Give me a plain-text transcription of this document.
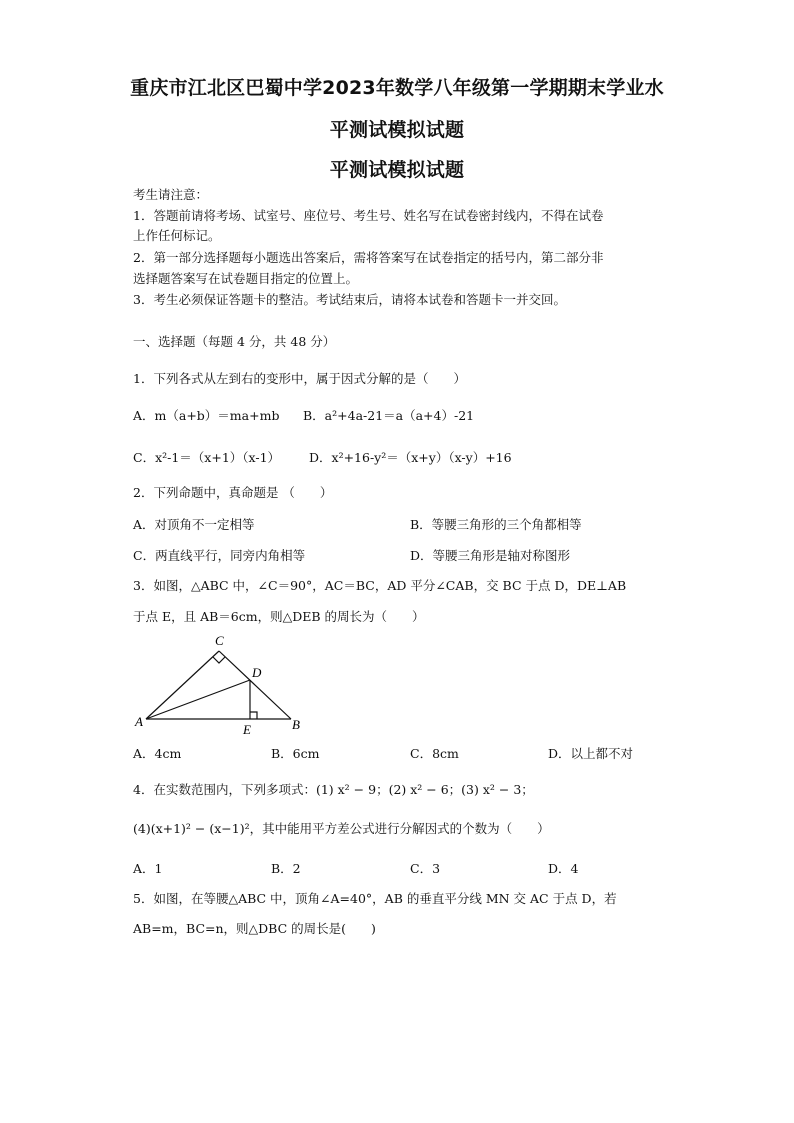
重庆市江北区巴蜀中学2023年数学八年级第一学期期末学业水
平测试模拟试题
平测试模拟试题
考生请注意：
1．答题前请将考场、试室号、座位号、考生号、姓名写在试卷密封线内，不得在试卷
上作任何标记。
2．第一部分选择题每小题选出答案后，需将答案写在试卷指定的括号内，第二部分非
选择题答案写在试卷题目指定的位置上。
3．考生必须保证答题卡的整洁。考试结束后，请将本试卷和答题卡一并交回。
一、选择题（每题 4 分，共 48 分）
1．下列各式从左到右的变形中，属于因式分解的是（　　）
A．m（a+b）＝ma+mb B．a²+4a-21＝a（a+4）-21
C．x²-1＝（x+1）（x-1） D．x²+16-y²＝（x+y）（x-y）+16
2．下列命题中，真命题是 （　　）
A．对顶角不一定相等	B．等腰三角形的三个角都相等
C．两直线平行，同旁内角相等	D．等腰三角形是轴对称图形
3．如图，△ABC 中，∠C＝90°，AC＝BC，AD 平分∠CAB，交 BC 于点 D，DE⊥AB
于点 E，且 AB＝6cm，则△DEB 的周长为（　　）
C
D
A
E	B
A．4cm	B．6cm	C．8cm	D．以上都不对
4．在实数范围内，下列多项式：(1) x² − 9；(2) x² − 6；(3) x² − 3；
(4)(x+1)² − (x−1)²，其中能用平方差公式进行分解因式的个数为（　　）
A．1	B．2	C．3	D．4
5．如图，在等腰△ABC 中，顶角∠A=40°，AB 的垂直平分线 MN 交 AC 于点 D，若
AB=m，BC=n，则△DBC 的周长是(　　)
